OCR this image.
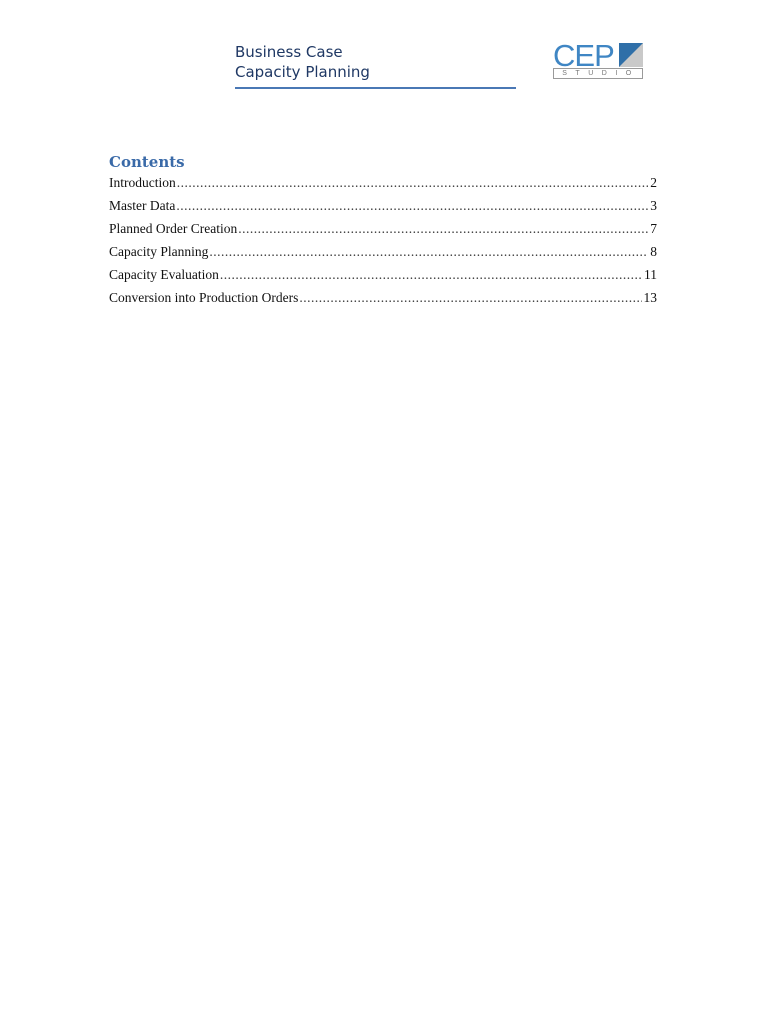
Business Case
Capacity Planning	CEP
STUDIO
Contents
Introduction .....	2
Master Data .....	3
Planned Order Creation .....	7
Capacity Planning .....	8
Capacity Evaluation .....	11
Conversion into Production Orders .....	13
